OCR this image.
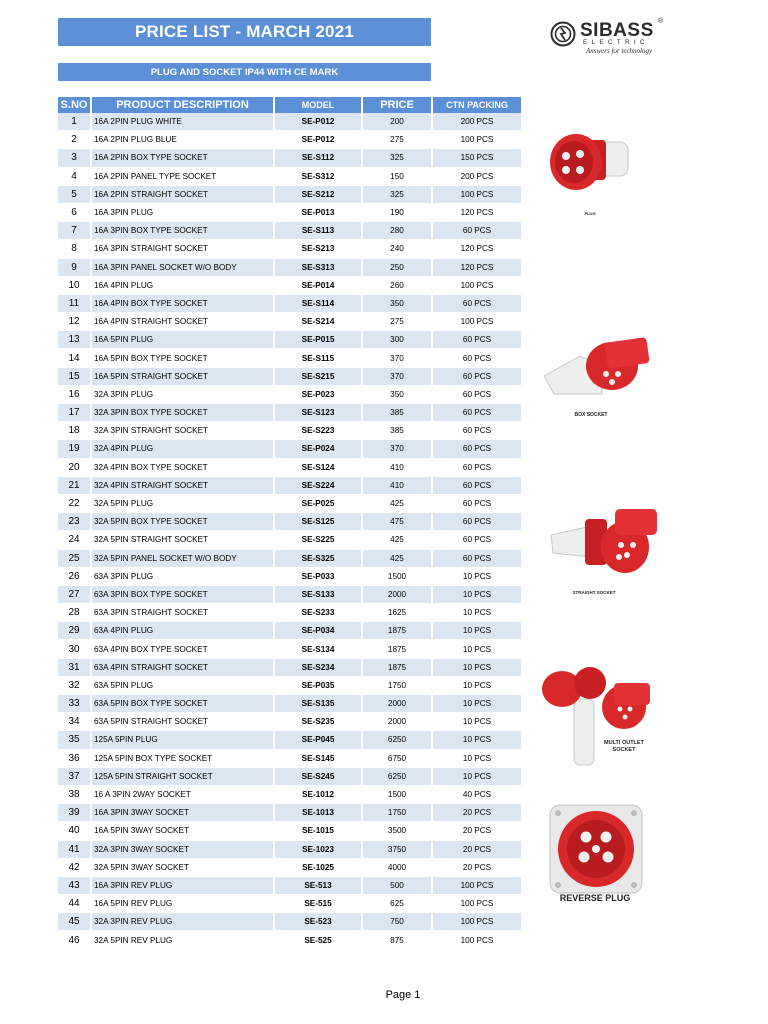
PRICE LIST - MARCH 2021
PLUG AND SOCKET IP44 WITH CE MARK
SIBASS ®
ELECTRIC
Answers for technology
S.NO	PRODUCT DESCRIPTION	MODEL	PRICE	CTN PACKING
1	16A 2PIN PLUG WHITE	SE-P012	200	200 PCS
2	16A 2PIN PLUG BLUE	SE-P012	275	100 PCS
3	16A 2PIN BOX TYPE SOCKET	SE-S112	325	150 PCS
4	16A 2PIN PANEL TYPE SOCKET	SE-S312	150	200 PCS
5	16A 2PIN STRAIGHT SOCKET	SE-S212	325	100 PCS
6	16A 3PIN PLUG	SE-P013	190	120 PCS
7	16A 3PIN BOX TYPE SOCKET	SE-S113	280	60 PCS
8	16A 3PIN STRAIGHT SOCKET	SE-S213	240	120 PCS
9	16A 3PIN PANEL SOCKET W/O BODY	SE-S313	250	120 PCS
10	16A 4PIN PLUG	SE-P014	260	100 PCS
11	16A 4PIN BOX TYPE SOCKET	SE-S114	350	60 PCS
12	16A 4PIN STRAIGHT SOCKET	SE-S214	275	100 PCS
13	16A 5PIN PLUG	SE-P015	300	60 PCS
14	16A 5PIN BOX TYPE SOCKET	SE-S115	370	60 PCS
15	16A 5PIN STRAIGHT SOCKET	SE-S215	370	60 PCS
16	32A 3PIN PLUG	SE-P023	350	60 PCS
17	32A 3PIN BOX TYPE SOCKET	SE-S123	385	60 PCS
18	32A 3PIN STRAIGHT SOCKET	SE-S223	385	60 PCS
19	32A 4PIN PLUG	SE-P024	370	60 PCS
20	32A 4PIN BOX TYPE SOCKET	SE-S124	410	60 PCS
21	32A 4PIN STRAIGHT SOCKET	SE-S224	410	60 PCS
22	32A 5PIN PLUG	SE-P025	425	60 PCS
23	32A 5PIN BOX TYPE SOCKET	SE-S125	475	60 PCS
24	32A 5PIN STRAIGHT SOCKET	SE-S225	425	60 PCS
25	32A 5PIN PANEL SOCKET W/O BODY	SE-S325	425	60 PCS
26	63A 3PIN PLUG	SE-P033	1500	10 PCS
27	63A 3PIN BOX TYPE SOCKET	SE-S133	2000	10 PCS
28	63A 3PIN STRAIGHT SOCKET	SE-S233	1625	10 PCS
29	63A 4PIN PLUG	SE-P034	1875	10 PCS
30	63A 4PIN BOX TYPE SOCKET	SE-S134	1875	10 PCS
31	63A 4PIN STRAIGHT SOCKET	SE-S234	1875	10 PCS
32	63A 5PIN PLUG	SE-P035	1750	10 PCS
33	63A 5PIN BOX TYPE SOCKET	SE-S135	2000	10 PCS
34	63A 5PIN STRAIGHT SOCKET	SE-S235	2000	10 PCS
35	125A 5PIN PLUG	SE-P045	6250	10 PCS
36	125A 5PIN BOX TYPE SOCKET	SE-S145	6750	10 PCS
37	125A 5PIN STRAIGHT SOCKET	SE-S245	6250	10 PCS
38	16 A 3PIN 2WAY SOCKET	SE-1012	1500	40 PCS
39	16A 3PIN 3WAY SOCKET	SE-1013	1750	20 PCS
40	16A 5PIN 3WAY SOCKET	SE-1015	3500	20 PCS
41	32A 3PIN 3WAY SOCKET	SE-1023	3750	20 PCS
42	32A 5PIN 3WAY SOCKET	SE-1025	4000	20 PCS
43	16A 3PIN REV PLUG	SE-513	500	100 PCS
44	16A 5PIN REV PLUG	SE-515	625	100 PCS
45	32A 3PIN REV PLUG	SE-523	750	100 PCS
46	32A 5PIN REV PLUG	SE-525	875	100 PCS
PLUG
BOX SOCKET
STRAIGHT SOCKET
MULTI OUTLET SOCKET
REVERSE PLUG
Page 1
